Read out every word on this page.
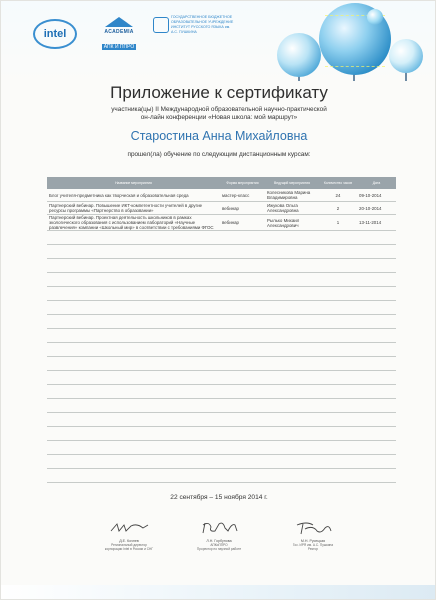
intel	ACADEMIA
АПК И ППРО
ГОСУДАРСТВЕННОЕ БЮДЖЕТНОЕ ОБРАЗОВАТЕЛЬНОЕ УЧРЕЖДЕНИЕ ИНСТИТУТ РУССКОГО ЯЗЫКА им. А.С. ПУШКИНА
Приложение к сертификату
участника(цы) II Международной образовательной научно-практической
он-лайн конференции «Новая школа: мой маршрут»
Старостина Анна Михайловна
прошел(ла) обучение по следующим дистанционным курсам:
Название мероприятия	Форма мероприятия	Ведущий мероприятия	Количество часов	Дата
Блог учителя-предметника как творческая и образовательная среда	мастер-класс	Колесникова Марина Владимировна	24	09-10-2014
Партнерский вебинар. Повышение ИКТ-компетентности учителей в другие ресурсы программы «Партнерство в образовании»	вебинар	Ижукова Ольга Александровна	2	20-10-2014
Партнерский вебинар. Проектная деятельность школьников в рамках экологического образования с использованием лабораторий «Научные развлечения» компании «Школьный мир» в соответствии с требованиями ФГОС	вебинар	Рылько Михаил Александрович	1	13-11-2014

22 сентября – 15 ноября 2014 г.
Д.Е. Кочнев
Региональный директор
корпорации Intel в России и СНГ
Л.Н. Горбунова
АПКиППРО
Проректор по научной работе
М.Н. Русецкая
Гос. ИРЯ им. А.С. Пушкина
Ректор
